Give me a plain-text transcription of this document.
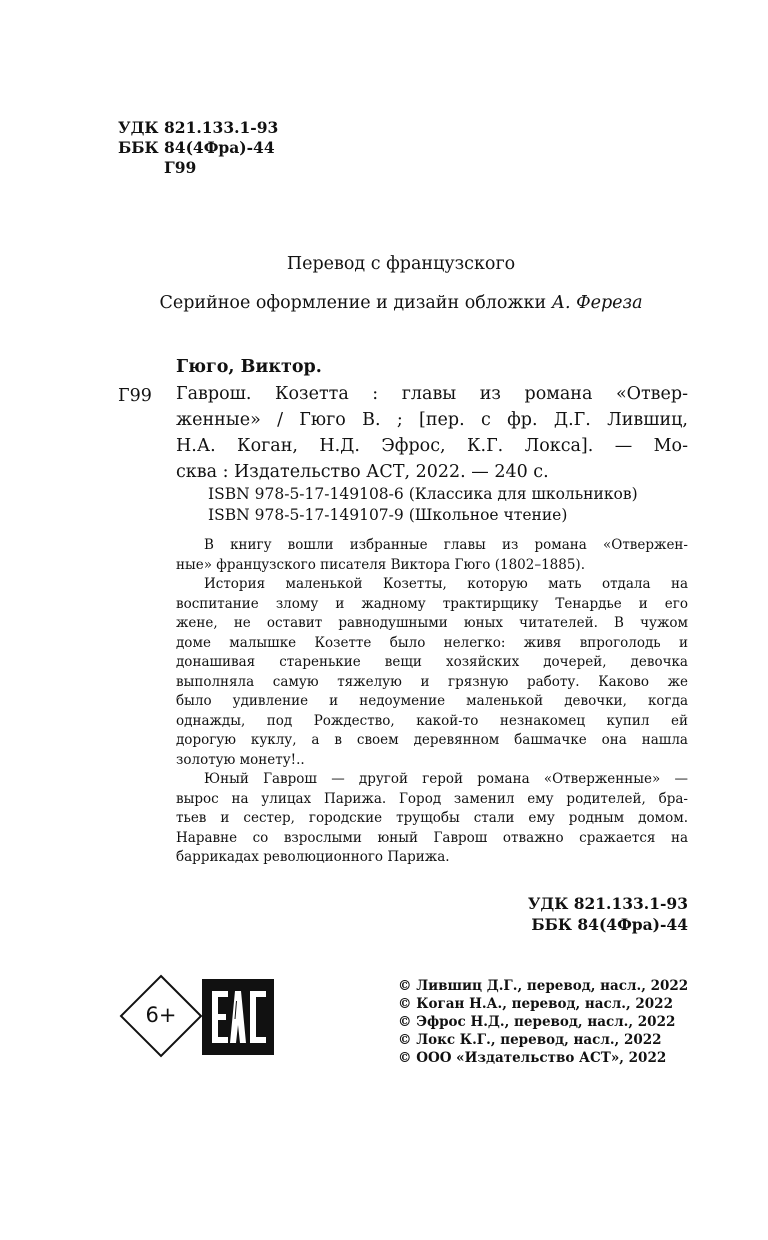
УДК 821.133.1-93
ББК 84(4Фра)-44
Г99
Перевод с французского
Серийное оформление и дизайн обложки А. Фереза
Гюго, Виктор.
Г99 Гаврош. Козетта : главы из романа «Отвер-
женные» / Гюго В. ; [пер. с фр. Д.Г. Лившиц,
Н.А. Коган, Н.Д. Эфрос, К.Г. Локса]. — Мо-
сква : Издательство АСТ, 2022. — 240 с.
ISBN 978-5-17-149108-6 (Классика для школьников)
ISBN 978-5-17-149107-9 (Школьное чтение)
В книгу вошли избранные главы из романа «Отвержен-
ные» французского писателя Виктора Гюго (1802–1885).
История маленькой Козетты, которую мать отдала на
воспитание злому и жадному трактирщику Тенардье и его
жене, не оставит равнодушными юных читателей. В чужом
доме малышке Козетте было нелегко: живя впроголодь и
донашивая старенькие вещи хозяйских дочерей, девочка
выполняла самую тяжелую и грязную работу. Каково же
было удивление и недоумение маленькой девочки, когда
однажды, под Рождество, какой-то незнакомец купил ей
дорогую куклу, а в своем деревянном башмачке она нашла
золотую монету!..
Юный Гаврош — другой герой романа «Отверженные» —
вырос на улицах Парижа. Город заменил ему родителей, бра-
тьев и сестер, городские трущобы стали ему родным домом.
Наравне со взрослыми юный Гаврош отважно сражается на
баррикадах революционного Парижа.
УДК 821.133.1-93
ББК 84(4Фра)-44
6+
© Лившиц Д.Г., перевод, насл., 2022
© Коган Н.А., перевод, насл., 2022
© Эфрос Н.Д., перевод, насл., 2022
© Локс К.Г., перевод, насл., 2022
© ООО «Издательство АСТ», 2022
